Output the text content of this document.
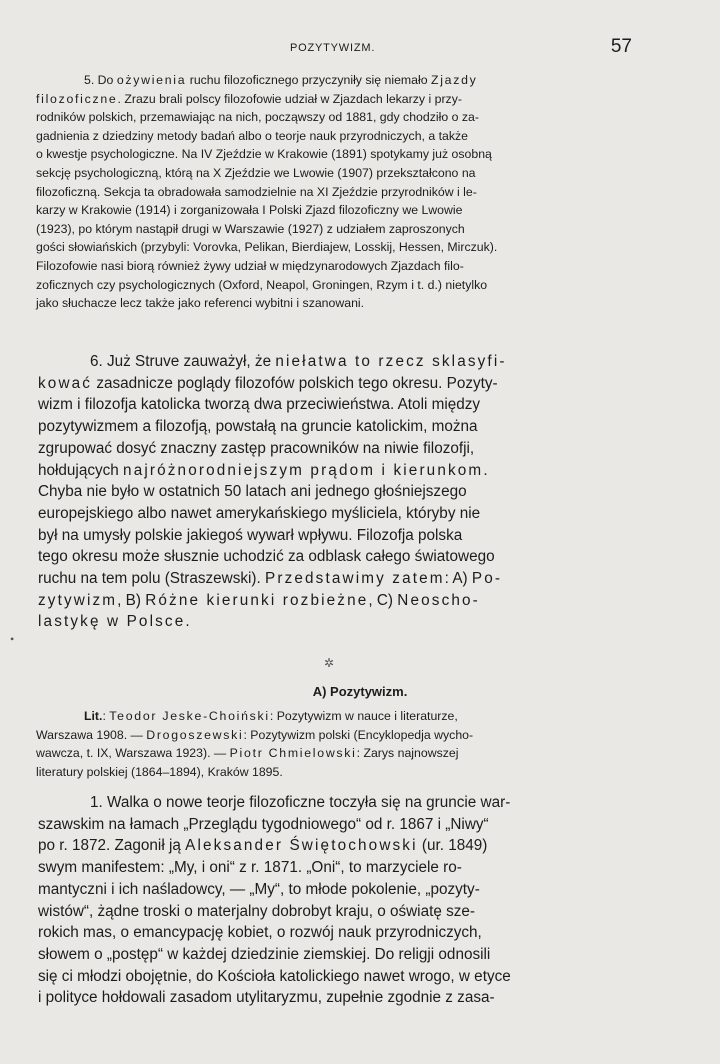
POZYTYWIZM.	57
5. Do ożywienia ruchu filozoficznego przyczyniły się niemało Zjazdy
filozoficzne. Zrazu brali polscy filozofowie udział w Zjazdach lekarzy i przy-
rodników polskich, przemawiając na nich, począwszy od 1881, gdy chodziło o za-
gadnienia z dziedziny metody badań albo o teorje nauk przyrodniczych, a także
o kwestje psychologiczne. Na IV Zjeździe w Krakowie (1891) spotykamy już osobną
sekcję psychologiczną, którą na X Zjeździe we Lwowie (1907) przekształcono na
filozoficzną. Sekcja ta obradowała samodzielnie na XI Zjeździe przyrodników i le-
karzy w Krakowie (1914) i zorganizowała I Polski Zjazd filozoficzny we Lwowie
(1923), po którym nastąpił drugi w Warszawie (1927) z udziałem zaproszonych
gości słowiańskich (przybyli: Vorovka, Pelikan, Bierdiajew, Losskij, Hessen, Mirczuk).
Filozofowie nasi biorą również żywy udział w międzynarodowych Zjazdach filo-
zoficznych czy psychologicznych (Oxford, Neapol, Groningen, Rzym i t. d.) nietylko
jako słuchacze lecz także jako referenci wybitni i szanowani.
6. Już Struve zauważył, że niełatwa to rzecz sklasyfi-
kować zasadnicze poglądy filozofów polskich tego okresu. Pozyty-
wizm i filozofja katolicka tworzą dwa przeciwieństwa. Atoli między
pozytywizmem a filozofją, powstałą na gruncie katolickim, można
zgrupować dosyć znaczny zastęp pracowników na niwie filozofji,
hołdujących najróżnorodniejszym prądom i kierunkom.
Chyba nie było w ostatnich 50 latach ani jednego głośniejszego
europejskiego albo nawet amerykańskiego myśliciela, któryby nie
był na umysły polskie jakiegoś wywarł wpływu. Filozofja polska
tego okresu może słusznie uchodzić za odblask całego światowego
ruchu na tem polu (Straszewski). Przedstawimy zatem: A) Po-
zytywizm, B) Różne kierunki rozbieżne, C) Neoscho-
lastykę w Polsce.
✲
•
A) Pozytywizm.
Lit.: Teodor Jeske-Choiński: Pozytywizm w nauce i literaturze,
Warszawa 1908. — Drogoszewski: Pozytywizm polski (Encyklopedja wycho-
wawcza, t. IX, Warszawa 1923). — Piotr Chmielowski: Zarys najnowszej
literatury polskiej (1864–1894), Kraków 1895.
1. Walka o nowe teorje filozoficzne toczyła się na gruncie war-
szawskim na łamach „Przeglądu tygodniowego“ od r. 1867 i „Niwy“
po r. 1872. Zagonił ją Aleksander Świętochowski (ur. 1849)
swym manifestem: „My, i oni“ z r. 1871. „Oni“, to marzyciele ro-
mantyczni i ich naśladowcy, — „My“, to młode pokolenie, „pozyty-
wistów“, żądne troski o materjalny dobrobyt kraju, o oświatę sze-
rokich mas, o emancypację kobiet, o rozwój nauk przyrodniczych,
słowem o „postęp“ w każdej dziedzinie ziemskiej. Do religji odnosili
się ci młodzi obojętnie, do Kościoła katolickiego nawet wrogo, w etyce
i polityce hołdowali zasadom utylitaryzmu, zupełnie zgodnie z zasa-
